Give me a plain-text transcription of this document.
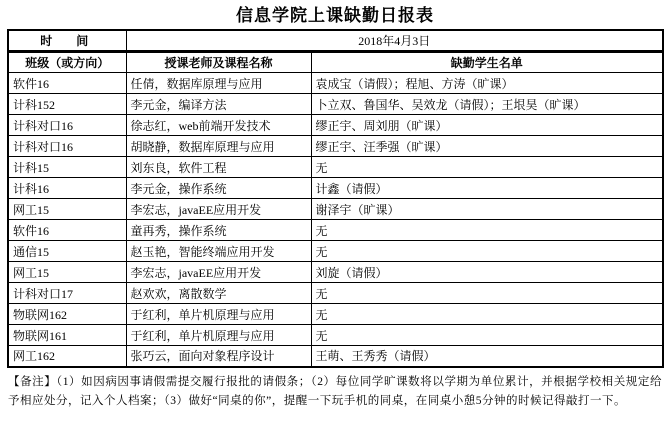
信息学院上课缺勤日报表
时　间	2018年4月3日	
班级（或方向）	授课老师及课程名称	缺勤学生名单
软件16	任倩，数据库原理与应用	袁成宝（请假）；程旭、方涛（旷课）
计科152	李元金，编译方法	卜立双、鲁国华、吴效龙（请假）；王垠昊（旷课）
计科对口16	徐志红，web前端开发技术	缪正宇、周刘朋（旷课）
计科对口16	胡晓静，数据库原理与应用	缪正宇、汪季强（旷课）
计科15	刘东良，软件工程	无
计科16	李元金，操作系统	计鑫（请假）
网工15	李宏志，javaEE应用开发	谢泽宇（旷课）
软件16	童再秀，操作系统	无
通信15	赵玉艳，智能终端应用开发	无
网工15	李宏志，javaEE应用开发	刘旋（请假）
计科对口17	赵欢欢，离散数学	无
物联网162	于红利，单片机原理与应用	无
物联网161	于红利，单片机原理与应用	无
网工162	张巧云，面向对象程序设计	王萌、王秀秀（请假）
【备注】（1）如因病因事请假需提交履行报批的请假条；（2）每位同学旷课数将以学期为单位累计，并根据学校相关规定给予相应处分，记入个人档案；（3）做好“同桌的你”，提醒一下玩手机的同桌，在同桌小憩5分钟的时候记得敲打一下。
